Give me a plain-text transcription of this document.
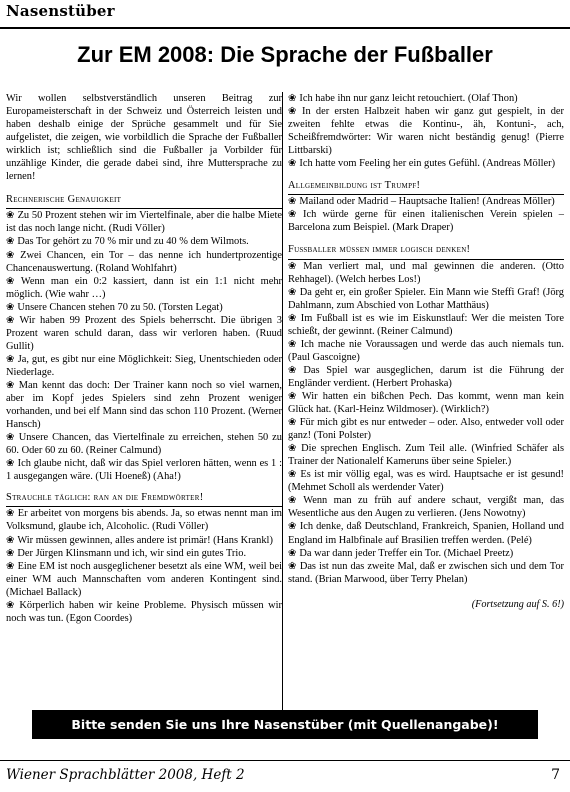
Nasenstüber
Zur EM 2008: Die Sprache der Fußballer

Wir wollen selbstverständlich unseren Beitrag zur Europameisterschaft in der Schweiz und Österreich leisten und haben deshalb einige der Sprüche gesammelt und für Sie aufgelistet, die zeigen, wie vorbildlich die Sprache der Fußballer wirklich ist; schließlich sind die Fußballer ja Vorbilder für unzählige Kinder, die gerade dabei sind, ihre Muttersprache zu lernen!

Rechnerische Genauigkeit

❀ Zu 50 Prozent stehen wir im Viertelfinale, aber die halbe Miete ist das noch lange nicht. (Rudi Völler)

❀ Das Tor gehört zu 70 % mir und zu 40 % dem Wilmots.

❀ Zwei Chancen, ein Tor – das nenne ich hundertprozentige Chancenauswertung. (Roland Wohlfahrt)

❀ Wenn man ein 0:2 kassiert, dann ist ein 1:1 nicht mehr möglich. (Wie wahr …)

❀ Unsere Chancen stehen 70 zu 50. (Torsten Legat)

❀ Wir haben 99 Prozent des Spiels beherrscht. Die übrigen 3 Prozent waren schuld daran, dass wir verloren haben. (Ruud Gullit)

❀ Ja, gut, es gibt nur eine Möglichkeit: Sieg, Unentschieden oder Niederlage.

❀ Man kennt das doch: Der Trainer kann noch so viel warnen, aber im Kopf jedes Spielers sind zehn Prozent weniger vorhanden, und bei elf Mann sind das schon 110 Prozent. (Werner Hansch)

❀ Unsere Chancen, das Viertelfinale zu erreichen, stehen 50 zu 60. Oder 60 zu 60. (Reiner Calmund)

❀ Ich glaube nicht, daß wir das Spiel verloren hätten, wenn es 1 : 1 ausgegangen wäre. (Uli Hoeneß) (Aha!)

Strauchle täglich: ran an die Fremdwörter!

❀ Er arbeitet von morgens bis abends. Ja, so etwas nennt man im Volksmund, glaube ich, Alcoholic. (Rudi Völler)

❀ Wir müssen gewinnen, alles andere ist primär! (Hans Krankl)

❀ Der Jürgen Klinsmann und ich, wir sind ein gutes Trio.

❀ Eine EM ist noch ausgeglichener besetzt als eine WM, weil bei einer WM auch Mannschaften vom anderen Kontingent sind. (Michael Ballack)

❀ Körperlich haben wir keine Probleme. Physisch müssen wir noch was tun. (Egon Coordes)

❀ Ich habe ihn nur ganz leicht retouchiert. (Olaf Thon)

❀ In der ersten Halbzeit haben wir ganz gut gespielt, in der zweiten fehlte etwas die Kontinu-, äh, Kontuni-, ach, Scheißfremdwörter: Wir waren nicht beständig genug! (Pierre Littbarski)

❀ Ich hatte vom Feeling her ein gutes Gefühl. (Andreas Möller)

Allgemeinbildung ist Trumpf!

❀ Mailand oder Madrid – Hauptsache Italien! (Andreas Möller)

❀ Ich würde gerne für einen italienischen Verein spielen – Barcelona zum Beispiel. (Mark Draper)

Fußballer müssen immer logisch denken!

❀ Man verliert mal, und mal gewinnen die anderen. (Otto Rehhagel). (Welch herbes Los!)

❀ Da geht er, ein großer Spieler. Ein Mann wie Steffi Graf! (Jörg Dahlmann, zum Abschied von Lothar Matthäus)

❀ Im Fußball ist es wie im Eiskunstlauf: Wer die meisten Tore schießt, der gewinnt. (Reiner Calmund)

❀ Ich mache nie Voraussagen und werde das auch niemals tun. (Paul Gascoigne)

❀ Das Spiel war ausgeglichen, darum ist die Führung der Engländer verdient. (Herbert Prohaska)

❀ Wir hatten ein bißchen Pech. Das kommt, wenn man kein Glück hat. (Karl-Heinz Wildmoser). (Wirklich?)

❀ Für mich gibt es nur entweder – oder. Also, entweder voll oder ganz! (Toni Polster)

❀ Die sprechen Englisch. Zum Teil alle. (Winfried Schäfer als Trainer der Nationalelf Kameruns über seine Spieler.)

❀ Es ist mir völlig egal, was es wird. Hauptsache er ist gesund! (Mehmet Scholl als werdender Vater)

❀ Wenn man zu früh auf andere schaut, vergißt man, das Wesentliche aus den Augen zu verlieren. (Jens Nowotny)

❀ Ich denke, daß Deutschland, Frankreich, Spanien, Holland und England im Halbfinale auf Brasilien treffen werden. (Pelé)

❀ Da war dann jeder Treffer ein Tor. (Michael Preetz)

❀ Das ist nun das zweite Mal, daß er zwischen sich und dem Tor stand. (Brian Marwood, über Terry Phelan)

(Fortsetzung auf S. 6!)
Bitte senden Sie uns Ihre Nasenstüber (mit Quellenangabe)!
Wiener Sprachblätter 2008, Heft 2	7
